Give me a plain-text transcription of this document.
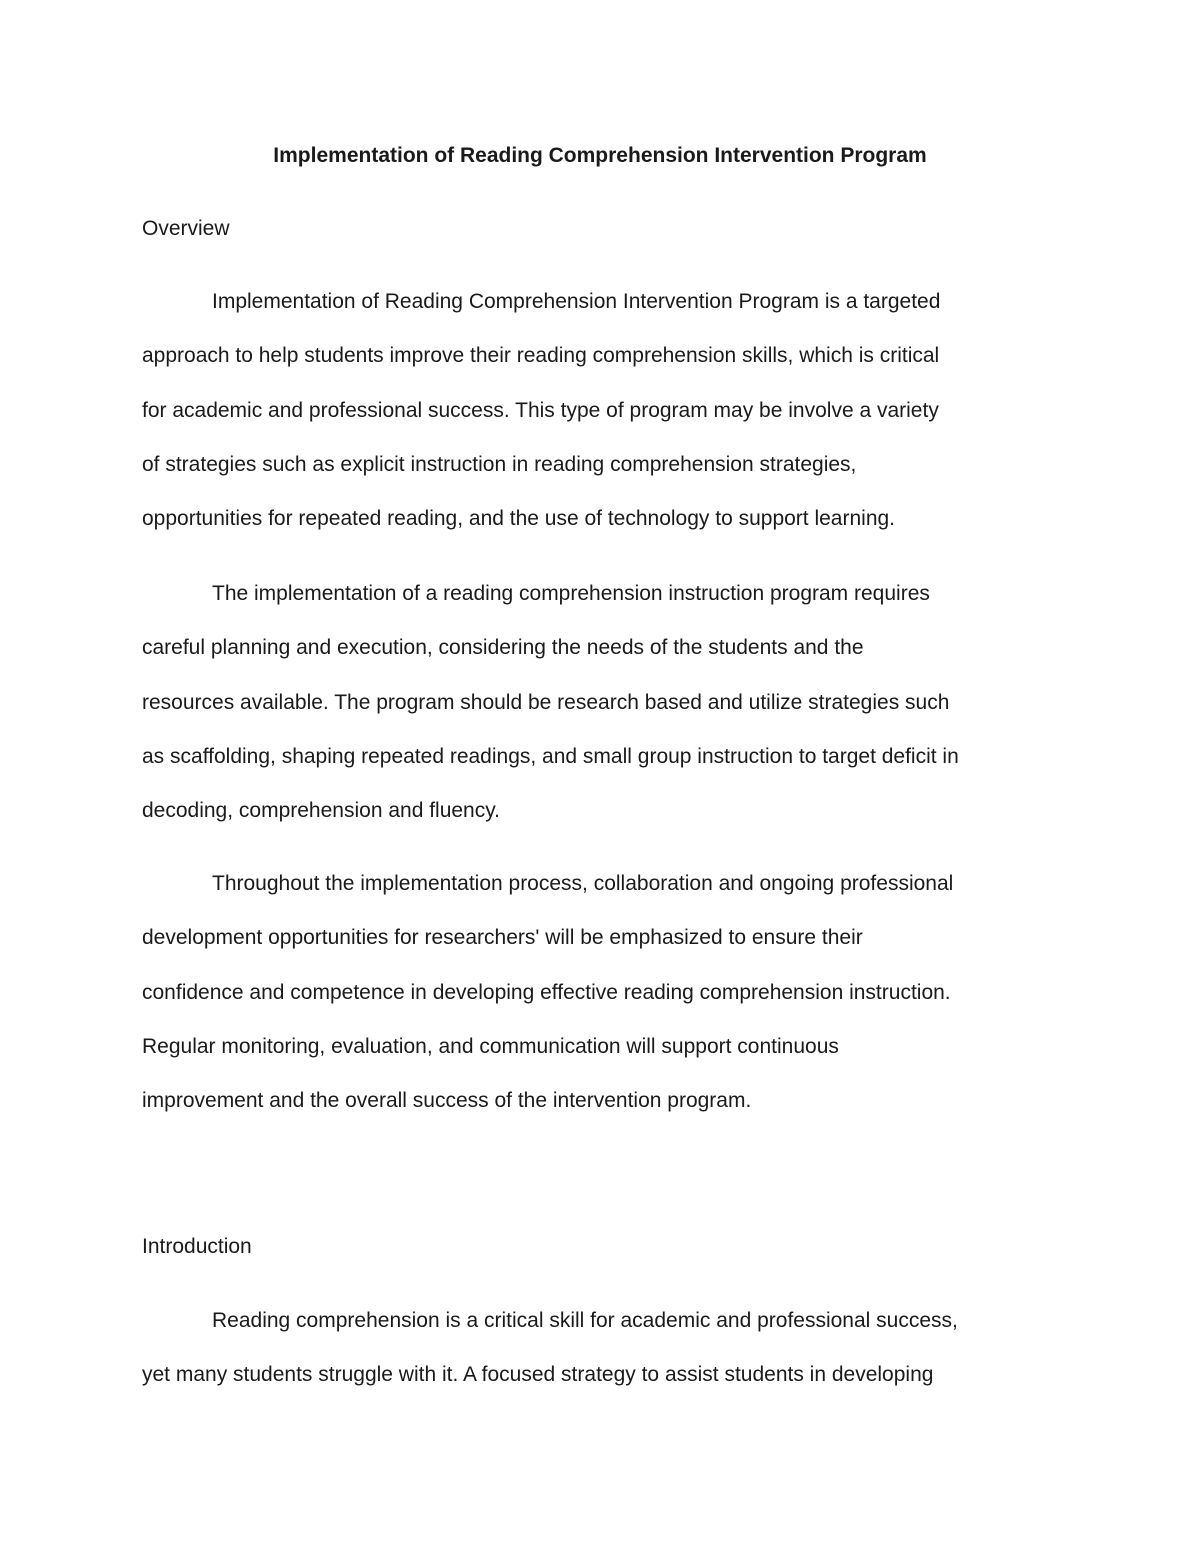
Implementation of Reading Comprehension Intervention Program
Overview

Implementation of Reading Comprehension Intervention Program is a targeted
approach to help students improve their reading comprehension skills, which is critical
for academic and professional success. This type of program may be involve a variety
of strategies such as explicit instruction in reading comprehension strategies,
opportunities for repeated reading, and the use of technology to support learning.

The implementation of a reading comprehension instruction program requires
careful planning and execution, considering the needs of the students and the
resources available. The program should be research based and utilize strategies such
as scaffolding, shaping repeated readings, and small group instruction to target deficit in
decoding, comprehension and fluency.

Throughout the implementation process, collaboration and ongoing professional
development opportunities for researchers' will be emphasized to ensure their
confidence and competence in developing effective reading comprehension instruction.
Regular monitoring, evaluation, and communication will support continuous
improvement and the overall success of the intervention program.

Introduction

Reading comprehension is a critical skill for academic and professional success,
yet many students struggle with it. A focused strategy to assist students in developing
